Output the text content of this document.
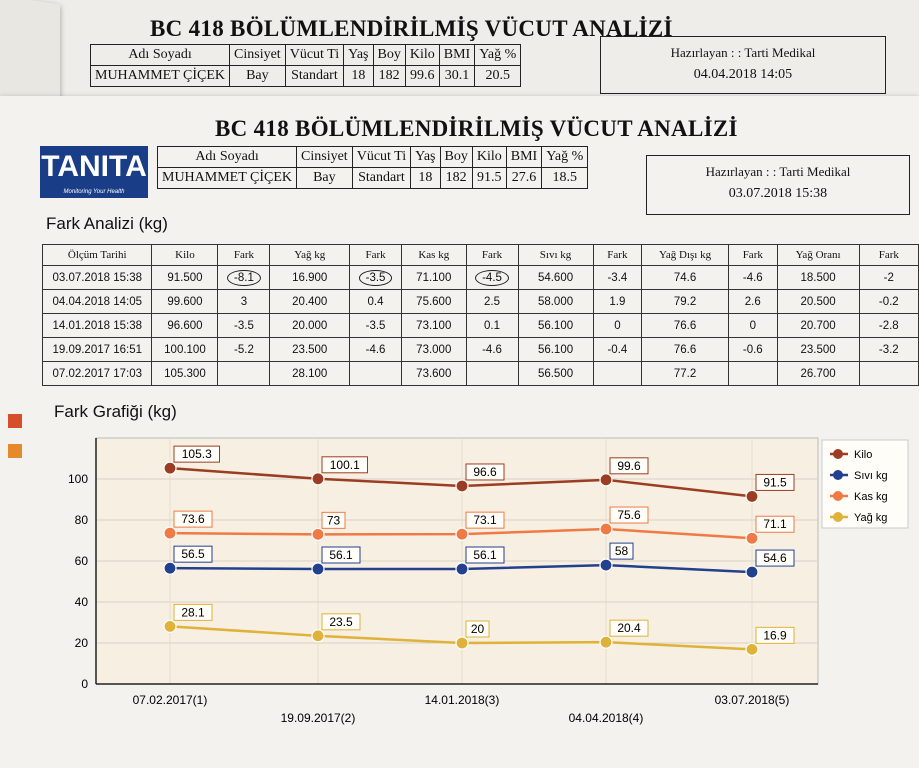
BC 418 BÖLÜMLENDİRİLMİŞ VÜCUT ANALİZİ
Adı Soyadı	Cinsiyet	Vücut Ti	Yaş	Boy	Kilo	BMI	Yağ %
MUHAMMET ÇİÇEK	Bay	Standart	18	182	99.6	30.1	20.5
Hazırlayan : : Tarti Medikal
04.04.2018 14:05
TANITA
Monitoring Your Health
BC 418 BÖLÜMLENDİRİLMİŞ VÜCUT ANALİZİ
Adı Soyadı	Cinsiyet	Vücut Ti	Yaş	Boy	Kilo	BMI	Yağ %
MUHAMMET ÇİÇEK	Bay	Standart	18	182	91.5	27.6	18.5	Hazırlayan : : Tarti Medikal
03.07.2018 15:38
Fark Analizi (kg)
Ölçüm Tarihi	Kilo	Fark	Yağ kg	Fark	Kas kg	Fark	Sıvı kg	Fark	Yağ Dışı kg	Fark	Yağ Oranı	Fark
03.07.2018 15:38	91.500	-8.1	16.900	-3.5	71.100	-4.5	54.600	-3.4	74.6	-4.6	18.500	-2
04.04.2018 14:05	99.600	3	20.400	0.4	75.600	2.5	58.000	1.9	79.2	2.6	20.500	-0.2
14.01.2018 15:38	96.600	-3.5	20.000	-3.5	73.100	0.1	56.100	0	76.6	0	20.700	-2.8
19.09.2017 16:51	100.100	-5.2	23.500	-4.6	73.000	-4.6	56.100	-0.4	76.6	-0.6	23.500	-3.2
07.02.2017 17:03	105.300		28.100		73.600		56.500		77.2		26.700	
Fark Grafiği (kg)
0
20
40
60
80
100
07.02.2017(1)
19.09.2017(2)
14.01.2018(3)
04.04.2018(4)
03.07.2018(5)
105.3
100.1
96.6	99.6
91.5
56.5	56.1	56.1	58	54.6
73.6	73	73.1	75.6
71.1
28.1
23.5
20	20.4
16.9
Kilo
Sıvı kg
Kas kg
Yağ kg
